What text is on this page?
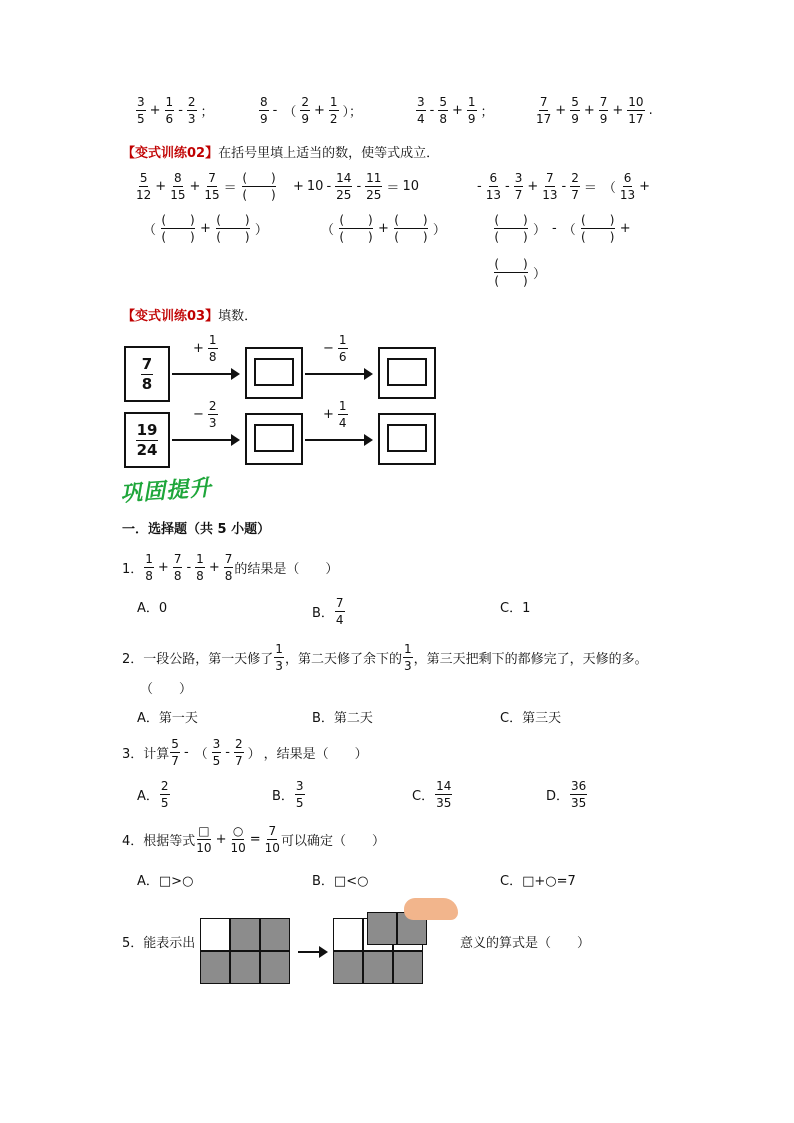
【变式训练02】 在括号里填上适当的数，使等式成立．
【变式训练03】 填数．
巩固提升
一．选择题（共 5 小题）
5． 能表示出	意义的算式是（　　）
$\frac{3}{5} + \frac{1}{6} - \frac{2}{3}$ ；	$\frac{8}{9}$ - （ $\frac{2}{9} + \frac{1}{2}$ ）；	$\frac{3}{4} - \frac{5}{8} + \frac{1}{9}$ ；	$\frac{7}{17} + \frac{5}{9} + \frac{7}{9} + \frac{10}{17}$ .
$\frac{5}{12} + \frac{8}{15} + \frac{7}{15}$ ＝
(　　)
(　　)
（
(　　)
(　　)
+
(　　)
(　　) ）
+ $10 - \frac{14}{25} - \frac{11}{25} = 10$
（
(　　)
(　　)
+
(　　)
(　　) ）
- $\frac{6}{13} - \frac{3}{7} + \frac{7}{13} - \frac{2}{7}$ ＝ （ $\frac{6}{13}$ +
(　　)
(　　) ） - （
(　　)
(　　)
+
(　　)
(　　) ）
$\frac{7}{8}$
+ $\frac{1}{8}$	− $\frac{1}{6}$
$\frac{19}{24}$
− $\frac{2}{3}$	+ $\frac{1}{4}$
1． $\frac{1}{8} + \frac{7}{8} - \frac{1}{8} + \frac{7}{8}$ 的结果是（　　）
A．0	B． $\frac{7}{4}$	C．1
2． 一段公路，第一天修了 $\frac{1}{3}$ ，第二天修了余下的 $\frac{1}{3}$ ，第三天把剩下的都修完了，天修的多。
（　　）
A．第一天	B．第二天	C．第三天
3． 计算 $\frac{5}{7}$ - （ $\frac{3}{5} - \frac{2}{7}$ ） ，结果是（　　）
A． $\frac{2}{5}$	B． $\frac{3}{5}$	C． $\frac{14}{35}$	D． $\frac{36}{35}$
4． 根据等式 $\frac{□}{10} + \frac{○}{10} = \frac{7}{10}$ 可以确定（　　）
A．□>○	B．□<○	C．□+○=7
